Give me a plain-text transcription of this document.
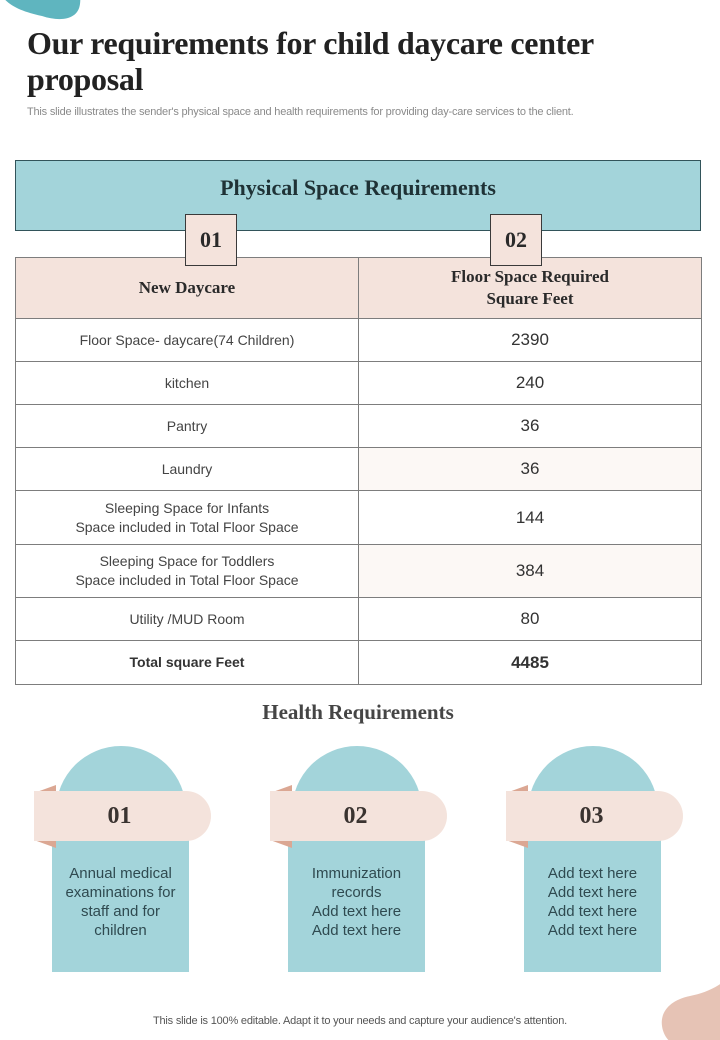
Our requirements for child daycare center proposal

This slide illustrates the sender's physical space and health requirements for providing day-care services to the client.

Physical Space Requirements
01	02
New Daycare	Floor Space Required Square Feet
Floor Space- daycare(74 Children)	2390
kitchen	240
Pantry	36
Laundry	36

Sleeping Space for Infants
Space included in Total Floor Space	144

Sleeping Space for Toddlers
Space included in Total Floor Space	384
Utility /MUD Room	80
Total square Feet	4485
Health Requirements
Annual medical
examinations for
staff and for
children
01
Immunization
records
Add text here
Add text here
02
Add text here
Add text here
Add text here
Add text here
03

This slide is 100% editable. Adapt it to your needs and capture your audience's attention.
